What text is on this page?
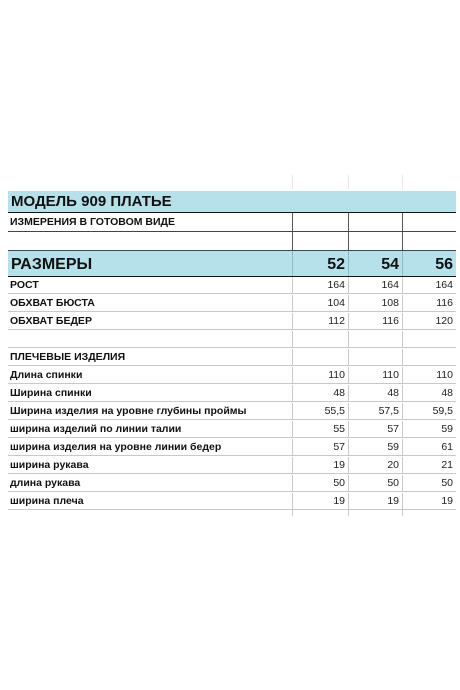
МОДЕЛЬ 909 ПЛАТЬЕ
ИЗМЕРЕНИЯ В ГОТОВОМ ВИДЕ
РАЗМЕРЫ	52	54	56
РОСТ	164	164	164
ОБХВАТ БЮСТА	104	108	116
ОБХВАТ БЕДЕР	112	116	120
ПЛЕЧЕВЫЕ ИЗДЕЛИЯ
Длина спинки	110	110	110
Ширина спинки	48	48	48
Ширина изделия на уровне глубины проймы	55,5	57,5	59,5
ширина изделий по линии талии	55	57	59
ширина изделия на уровне линии бедер	57	59	61
ширина рукава	19	20	21
длина рукава	50	50	50
ширина плеча	19	19	19
